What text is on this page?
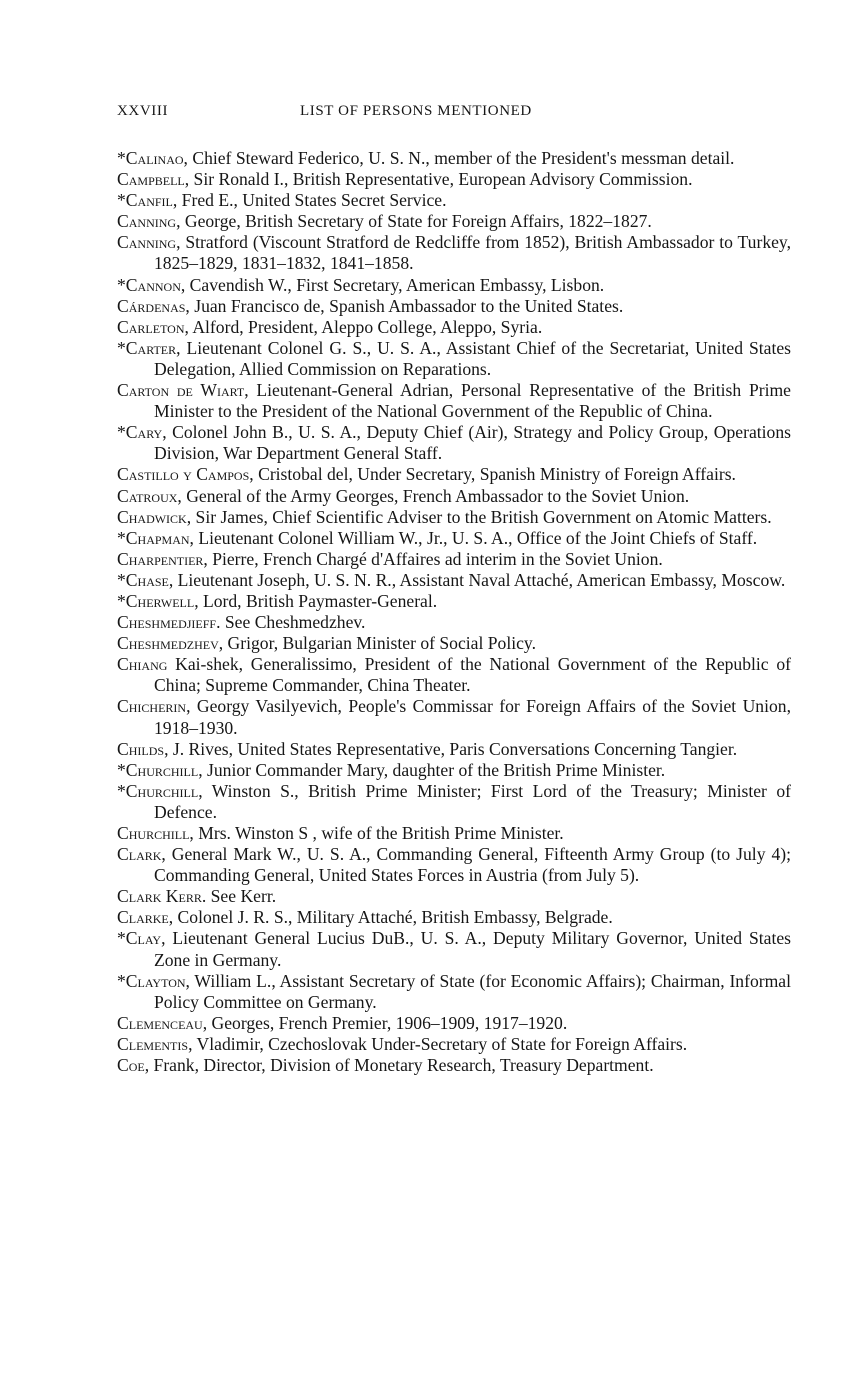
XXVIII	LIST OF PERSONS MENTIONED
* Calinao, Chief Steward Federico, U. S. N., member of the President's messman detail.
Campbell, Sir Ronald I., British Representative, European Advisory Commission.
* Canfil, Fred E., United States Secret Service.
Canning, George, British Secretary of State for Foreign Affairs, 1822–1827.
Canning, Stratford (Viscount Stratford de Redcliffe from 1852), British Ambassador to Turkey, 1825–1829, 1831–1832, 1841–1858.
* Cannon, Cavendish W., First Secretary, American Embassy, Lisbon.
Cárdenas, Juan Francisco de, Spanish Ambassador to the United States.
Carleton, Alford, President, Aleppo College, Aleppo, Syria.
* Carter, Lieutenant Colonel G. S., U. S. A., Assistant Chief of the Secretariat, United States Delegation, Allied Commission on Reparations.
Carton de Wiart, Lieutenant-General Adrian, Personal Representative of the British Prime Minister to the President of the National Government of the Republic of China.
* Cary, Colonel John B., U. S. A., Deputy Chief (Air), Strategy and Policy Group, Operations Division, War Department General Staff.
Castillo y Campos, Cristobal del, Under Secretary, Spanish Ministry of Foreign Affairs.
Catroux, General of the Army Georges, French Ambassador to the Soviet Union.
Chadwick, Sir James, Chief Scientific Adviser to the British Government on Atomic Matters.
* Chapman, Lieutenant Colonel William W., Jr., U. S. A., Office of the Joint Chiefs of Staff.
Charpentier, Pierre, French Chargé d'Affaires ad interim in the Soviet Union.
* Chase, Lieutenant Joseph, U. S. N. R., Assistant Naval Attaché, American Embassy, Moscow.
* Cherwell, Lord, British Paymaster-General.
Cheshmedjieff. See Cheshmedzhev.
Cheshmedzhev, Grigor, Bulgarian Minister of Social Policy.
Chiang Kai-shek, Generalissimo, President of the National Government of the Republic of China; Supreme Commander, China Theater.
Chicherin, Georgy Vasilyevich, People's Commissar for Foreign Affairs of the Soviet Union, 1918–1930.
Childs, J. Rives, United States Representative, Paris Conversations Concerning Tangier.
* Churchill, Junior Commander Mary, daughter of the British Prime Minister.
* Churchill, Winston S., British Prime Minister; First Lord of the Treasury; Minister of Defence.
Churchill, Mrs. Winston S , wife of the British Prime Minister.
Clark, General Mark W., U. S. A., Commanding General, Fifteenth Army Group (to July 4); Commanding General, United States Forces in Austria (from July 5).
Clark Kerr. See Kerr.
Clarke, Colonel J. R. S., Military Attaché, British Embassy, Belgrade.
* Clay, Lieutenant General Lucius DuB., U. S. A., Deputy Military Governor, United States Zone in Germany.
* Clayton, William L., Assistant Secretary of State (for Economic Affairs); Chairman, Informal Policy Committee on Germany.
Clemenceau, Georges, French Premier, 1906–1909, 1917–1920.
Clementis, Vladimir, Czechoslovak Under-Secretary of State for Foreign Affairs.
Coe, Frank, Director, Division of Monetary Research, Treasury Department.
